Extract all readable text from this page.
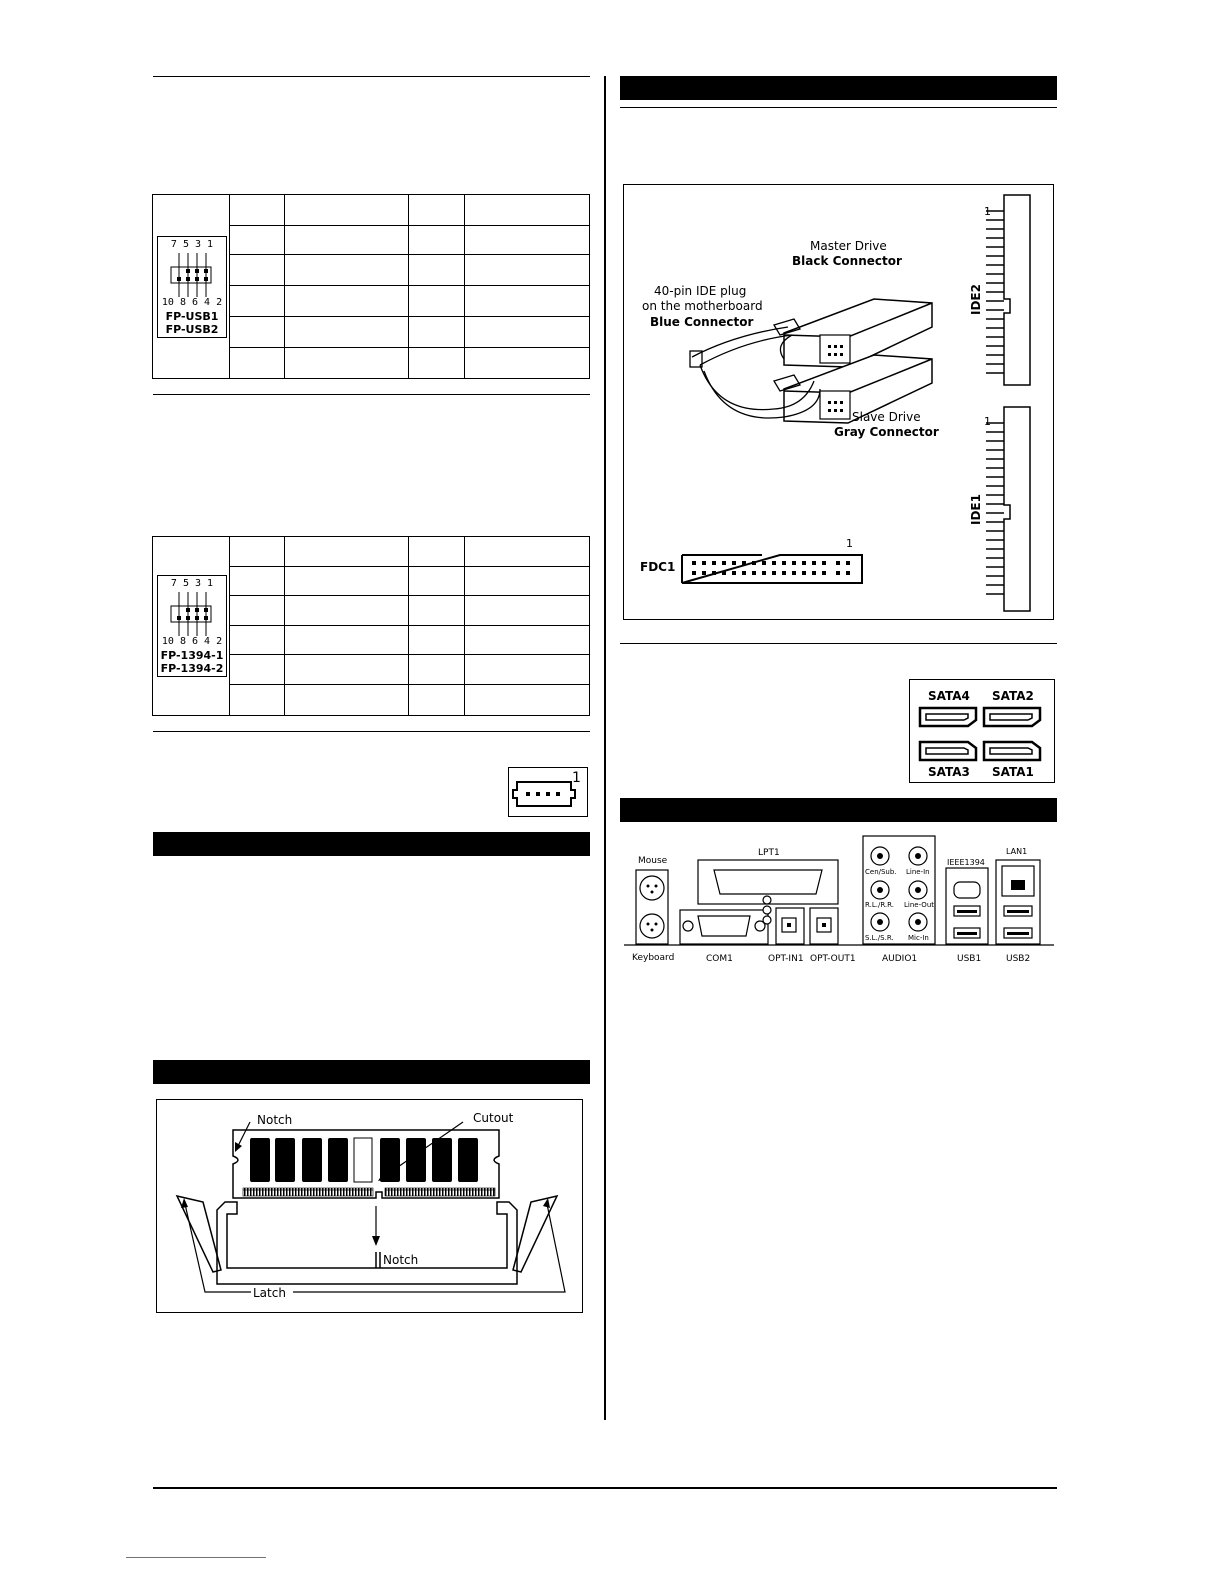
7 5 3 1
10 8 6 4 2
FP-USB1
FP-USB2				

7 5 3 1
10 8 6 4 2
FP-1394-1
FP-1394-2				

1
Notch	Cutout
Notch
Latch
1
1
IDE2
IDE1
Master Drive
Black Connector
40-pin IDE plug
on the motherboard
Blue Connector
Slave Drive
Gray Connector
FDC1
1
SATA4 SATA2
SATA3 SATA1
Mouse
Keyboard
LPT1
COM1	OPT-IN1 OPT-OUT1	AUDIO1
Cen/Sub. Line-In
R.L./R.R. Line-Out
S.L./S.R. Mic-In
IEEE1394
LAN1
USB1	USB2
